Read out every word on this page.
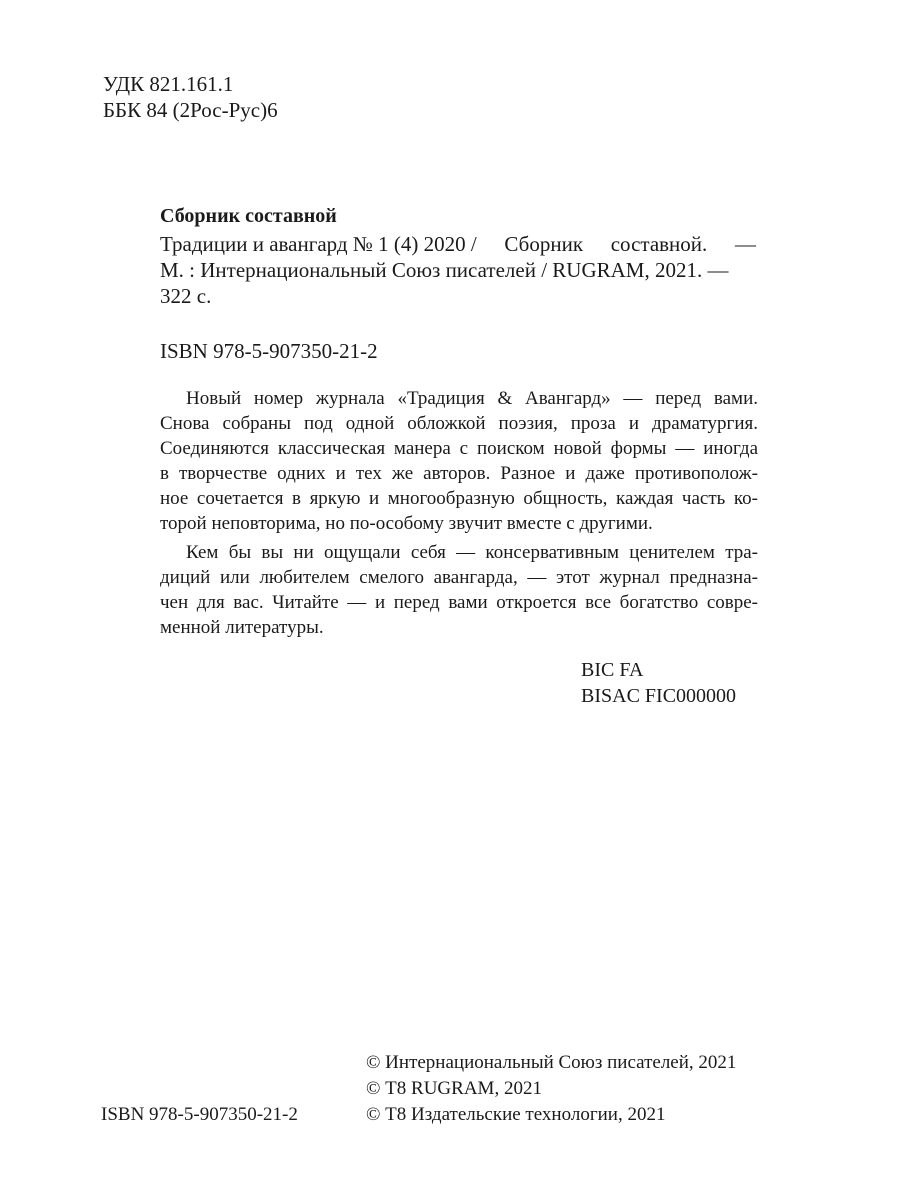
УДК 821.161.1
ББК 84 (2Рос-Рус)6
Сборник составной
Традиции и авангард № 1 (4) 2020 / Сборник составной. —
М. : Интернациональный Союз писателей / RUGRAM, 2021. —
322 с.
ISBN 978-5-907350-21-2

Новый номер журнала «Традиция & Авангард» — перед вами.
Снова собраны под одной обложкой поэзия, проза и драматургия.
Соединяются классическая манера с поиском новой формы — иногда
в творчестве одних и тех же авторов. Разное и даже противополож-
ное сочетается в яркую и многообразную общность, каждая часть ко-
торой неповторима, но по-особому звучит вместе с другими.

Кем бы вы ни ощущали себя — консервативным ценителем тра-
диций или любителем смелого авангарда, — этот журнал предназна-
чен для вас. Читайте — и перед вами откроется все богатство совре-
менной литературы.

BIC FA
BISAC FIC000000
ISBN 978-5-907350-21-2
© Интернациональный Союз писателей, 2021
© Т8 RUGRAM, 2021
© Т8 Издательские технологии, 2021
